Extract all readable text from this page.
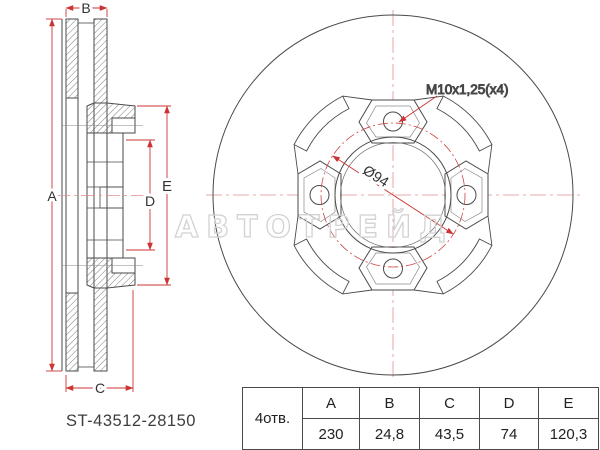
A
B
C
D
E	Ø94
M10x1,25(x4)
АВТОТРЕЙД
ST-43512-28150	4отв.	A	B	C	D	E
	230	24,8	43,5	74	120,3
